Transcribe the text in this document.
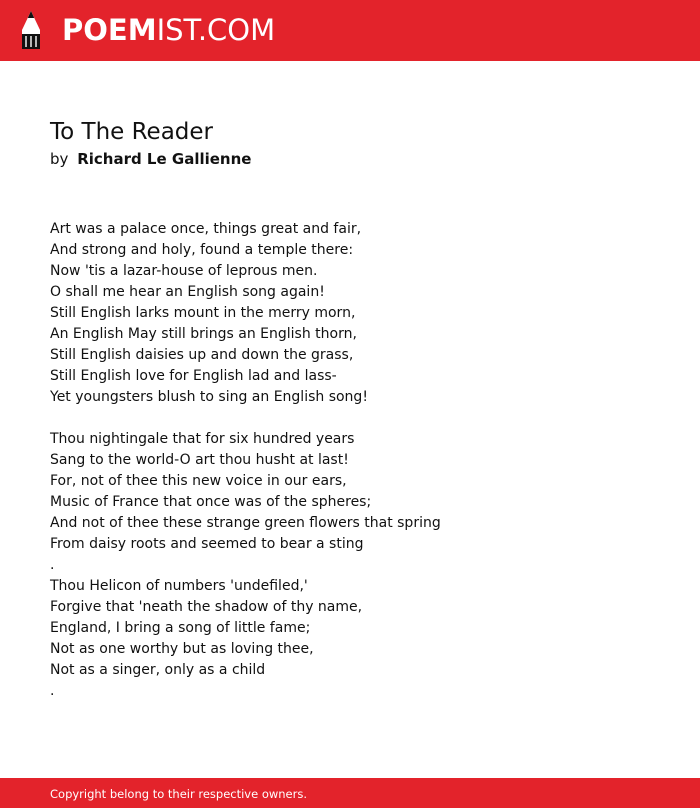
POEMIST.COM
To The Reader
by Richard Le Gallienne
Art was a palace once, things great and fair,
And strong and holy, found a temple there:
Now 'tis a lazar-house of leprous men.
O shall me hear an English song again!
Still English larks mount in the merry morn,
An English May still brings an English thorn,
Still English daisies up and down the grass,
Still English love for English lad and lass-
Yet youngsters blush to sing an English song!
Thou nightingale that for six hundred years
Sang to the world-O art thou husht at last!
For, not of thee this new voice in our ears,
Music of France that once was of the spheres;
And not of thee these strange green flowers that spring
From daisy roots and seemed to bear a sting
.
Thou Helicon of numbers 'undefiled,'
Forgive that 'neath the shadow of thy name,
England, I bring a song of little fame;
Not as one worthy but as loving thee,
Not as a singer, only as a child
.
Copyright belong to their respective owners.
